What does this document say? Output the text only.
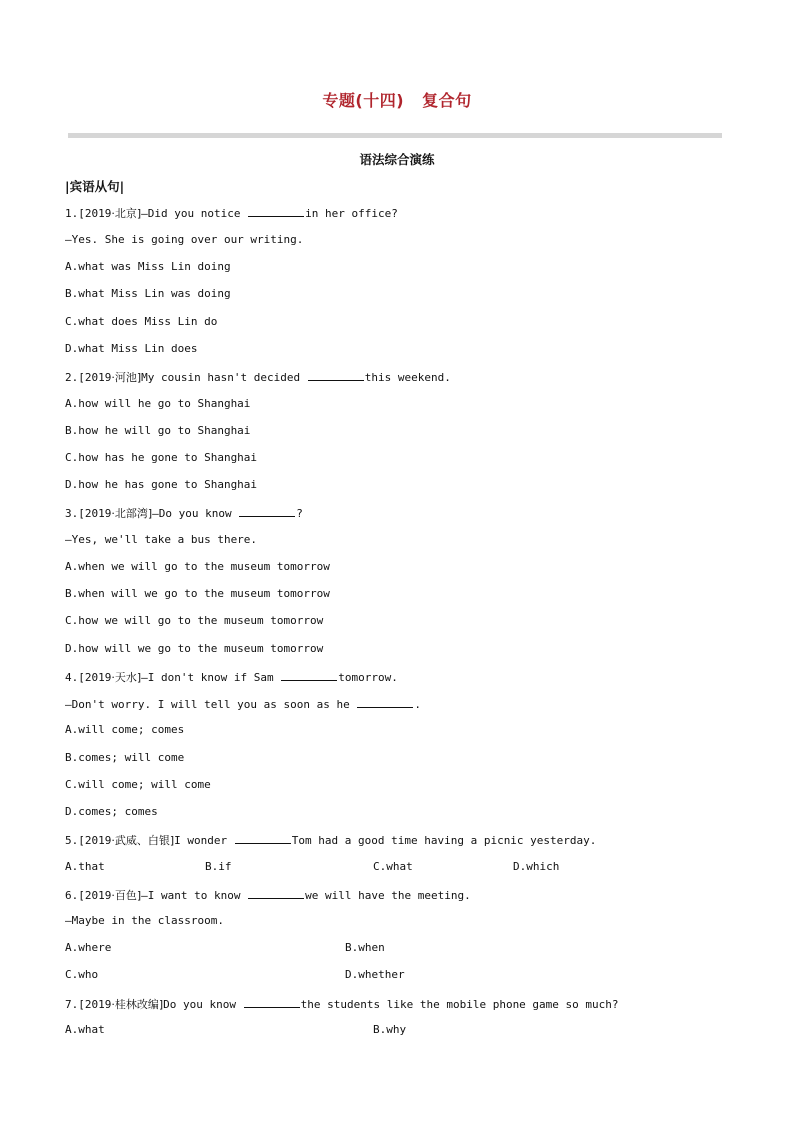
专题(十四) 复合句
语法综合演练
|宾语从句|
1.[2019·北京]—Did you notice	in her office?
—Yes. She is going over our writing.
A.what was Miss Lin doing
B.what Miss Lin was doing
C.what does Miss Lin do
D.what Miss Lin does
2.[2019·河池]My cousin hasn't decided	this weekend.
A.how will he go to Shanghai
B.how he will go to Shanghai
C.how has he gone to Shanghai
D.how he has gone to Shanghai
3.[2019·北部湾]—Do you know	?
—Yes, we'll take a bus there.
A.when we will go to the museum tomorrow
B.when will we go to the museum tomorrow
C.how we will go to the museum tomorrow
D.how will we go to the museum tomorrow
4.[2019·天水]—I don't know if Sam	tomorrow.
—Don't worry. I will tell you as soon as he	.
A.will come; comes
B.comes; will come
C.will come; will come
D.comes; comes
5.[2019·武威、白银]I wonder	Tom had a good time having a picnic yesterday.
A.that	B.if	C.what	D.which
6.[2019·百色]—I want to know	we will have the meeting.
—Maybe in the classroom.
A.where	B.when
C.who	D.whether
7.[2019·桂林改编]Do you know	the students like the mobile phone game so much?
A.what	B.why
